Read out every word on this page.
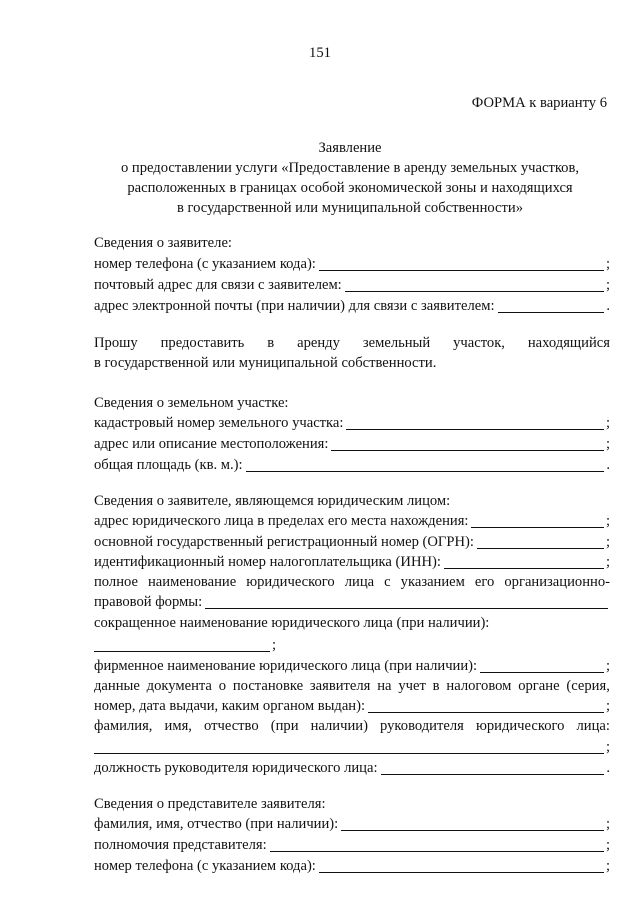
151
ФОРМА к варианту 6
Заявление
о предоставлении услуги «Предоставление в аренду земельных участков,
расположенных в границах особой экономической зоны и находящихся
в государственной или муниципальной собственности»
Сведения о заявителе:
номер телефона (с указанием кода):	;
почтовый адрес для связи с заявителем:	;
адрес электронной почты (при наличии) для связи с заявителем:	.
Прошу предоставить в аренду земельный участок, находящийся
в государственной или муниципальной собственности.
Сведения о земельном участке:
кадастровый номер земельного участка:	;
адрес или описание местоположения:	;
общая площадь (кв. м.):	.
Сведения о заявителе, являющемся юридическим лицом:
адрес юридического лица в пределах его места нахождения:	;
основной государственный регистрационный номер (ОГРН):	;
идентификационный номер налогоплательщика (ИНН):	;
полное наименование юридического лица с указанием его организационно-
правовой формы:
сокращенное наименование юридического лица (при наличии):
;
фирменное наименование юридического лица (при наличии):	;
данные документа о постановке заявителя на учет в налоговом органе (серия,
номер, дата выдачи, каким органом выдан):	;
фамилия, имя, отчество (при наличии) руководителя юридического лица:
;
должность руководителя юридического лица:	.
Сведения о представителе заявителя:
фамилия, имя, отчество (при наличии):	;
полномочия представителя:	;
номер телефона (с указанием кода):	;
